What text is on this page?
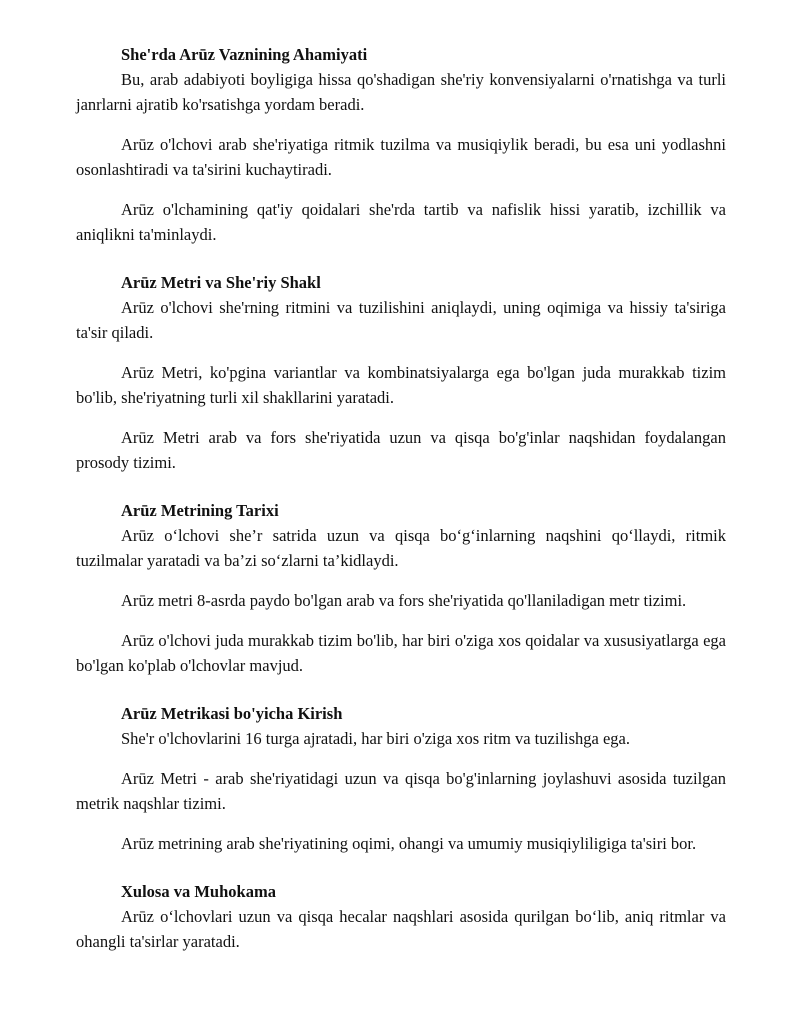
She'rda Arūz Vaznining Ahamiyati

Bu, arab adabiyoti boyligiga hissa qo'shadigan she'riy konvensiyalarni o'rnatishga va turli janrlarni ajratib ko'rsatishga yordam beradi.

Arūz o'lchovi arab she'riyatiga ritmik tuzilma va musiqiylik beradi, bu esa uni yodlashni osonlashtiradi va ta'sirini kuchaytiradi.

Arūz o'lchamining qat'iy qoidalari she'rda tartib va nafislik hissi yaratib, izchillik va aniqlikni ta'minlaydi.

Arūz Metri va She'riy Shakl

Arūz o'lchovi she'rning ritmini va tuzilishini aniqlaydi, uning oqimiga va hissiy ta'siriga ta'sir qiladi.

Arūz Metri, ko'pgina variantlar va kombinatsiyalarga ega bo'lgan juda murakkab tizim bo'lib, she'riyatning turli xil shakllarini yaratadi.

Arūz Metri arab va fors she'riyatida uzun va qisqa bo'g'inlar naqshidan foydalangan prosody tizimi.

Arūz Metrining Tarixi

Arūz o‘lchovi she’r satrida uzun va qisqa bo‘g‘inlarning naqshini qo‘llaydi, ritmik tuzilmalar yaratadi va ba’zi so‘zlarni ta’kidlaydi.

Arūz metri 8-asrda paydo bo'lgan arab va fors she'riyatida qo'llaniladigan metr tizimi.

Arūz o'lchovi juda murakkab tizim bo'lib, har biri o'ziga xos qoidalar va xususiyatlarga ega bo'lgan ko'plab o'lchovlar mavjud.

Arūz Metrikasi bo'yicha Kirish

She'r o'lchovlarini 16 turga ajratadi, har biri o'ziga xos ritm va tuzilishga ega.

Arūz Metri - arab she'riyatidagi uzun va qisqa bo'g'inlarning joylashuvi asosida tuzilgan metrik naqshlar tizimi.

Arūz metrining arab she'riyatining oqimi, ohangi va umumiy musiqiyliligiga ta'siri bor.

Xulosa va Muhokama

Arūz o‘lchovlari uzun va qisqa hecalar naqshlari asosida qurilgan bo‘lib, aniq ritmlar va ohangli ta'sirlar yaratadi.
